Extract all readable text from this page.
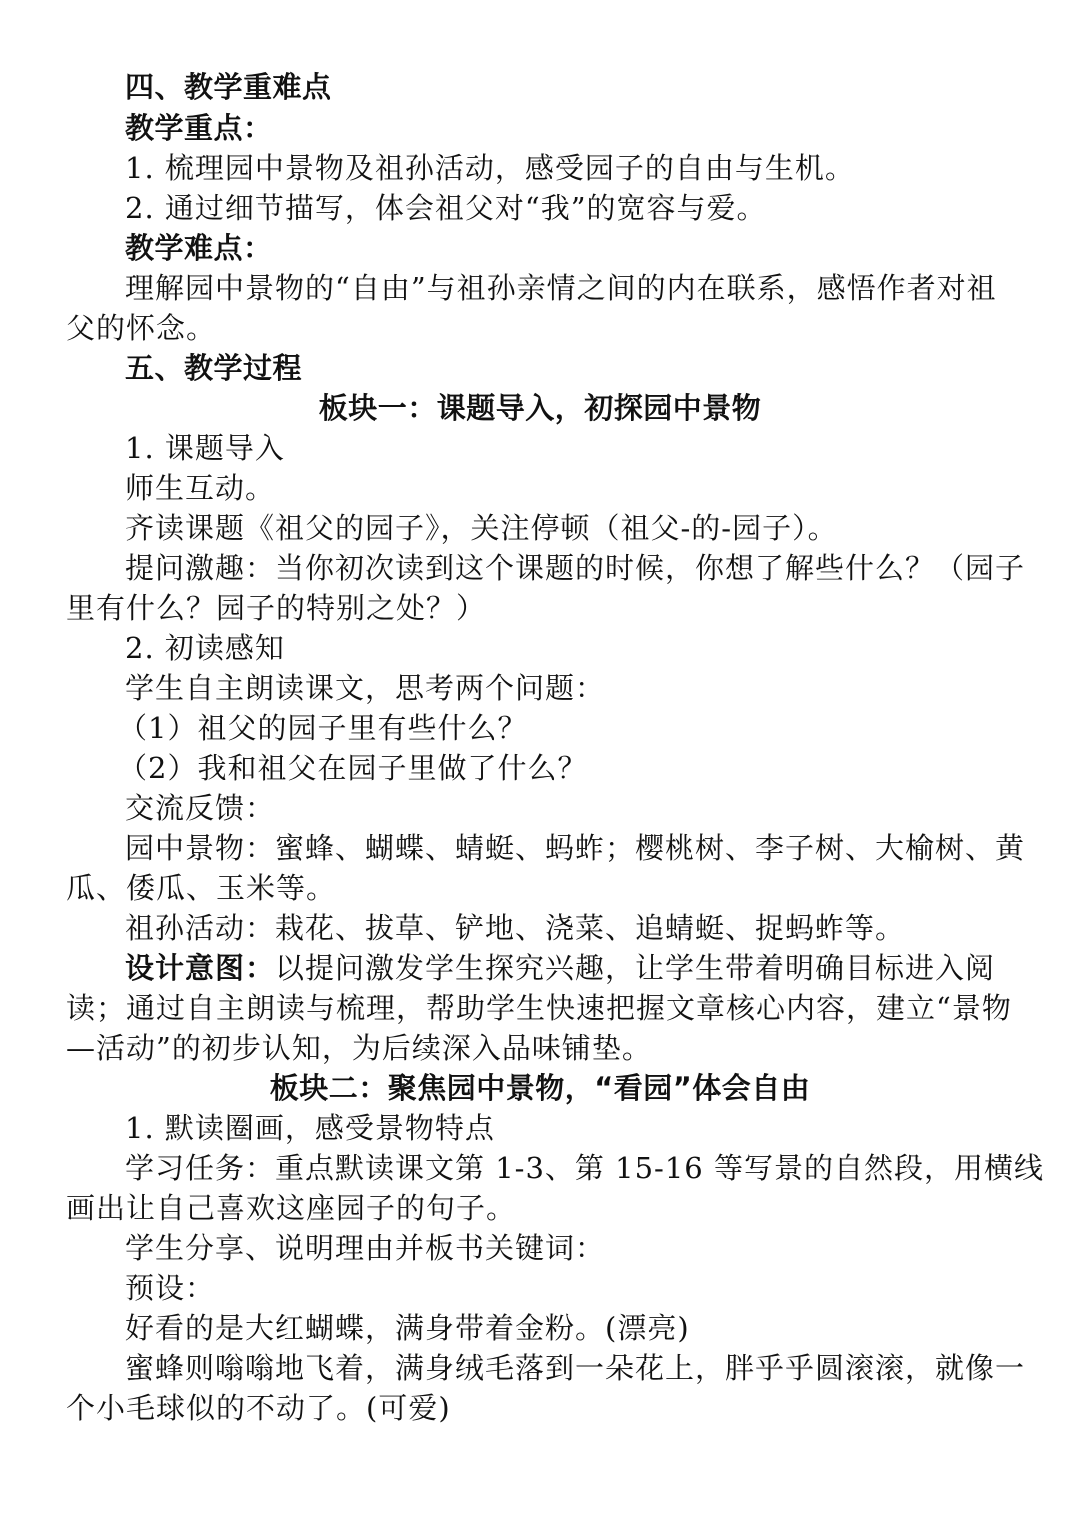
四、教学重难点
教学重点：
1. 梳理园中景物及祖孙活动，感受园子的自由与生机。
2. 通过细节描写，体会祖父对“我”的宽容与爱。
教学难点：
理解园中景物的“自由”与祖孙亲情之间的内在联系，感悟作者对祖
父的怀念。
五、教学过程
板块一：课题导入，初探园中景物
1. 课题导入
师生互动。
齐读课题《祖父的园子》，关注停顿（祖父-的-园子）。
提问激趣：当你初次读到这个课题的时候，你想了解些什么？（园子
里有什么？园子的特别之处？）
2. 初读感知
学生自主朗读课文，思考两个问题：
（1）祖父的园子里有些什么？
（2）我和祖父在园子里做了什么？
交流反馈：
园中景物：蜜蜂、蝴蝶、蜻蜓、蚂蚱；樱桃树、李子树、大榆树、黄
瓜、倭瓜、玉米等。
祖孙活动：栽花、拔草、铲地、浇菜、追蜻蜓、捉蚂蚱等。
设计意图：以提问激发学生探究兴趣，让学生带着明确目标进入阅
读；通过自主朗读与梳理，帮助学生快速把握文章核心内容，建立“景物
—活动”的初步认知，为后续深入品味铺垫。
板块二：聚焦园中景物，“看园”体会自由
1. 默读圈画，感受景物特点
学习任务：重点默读课文第 1-3、第 15-16 等写景的自然段，用横线
画出让自己喜欢这座园子的句子。
学生分享、说明理由并板书关键词：
预设：
好看的是大红蝴蝶，满身带着金粉。(漂亮)
蜜蜂则嗡嗡地飞着，满身绒毛落到一朵花上，胖乎乎圆滚滚，就像一
个小毛球似的不动了。(可爱)
